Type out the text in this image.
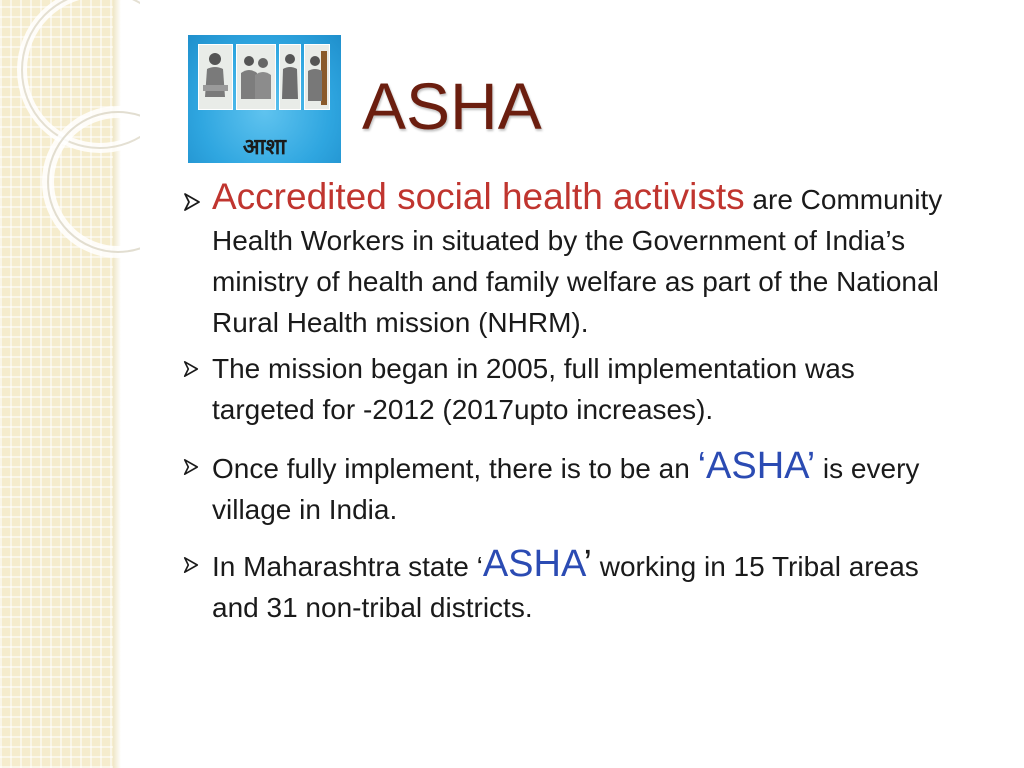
आशा
ASHA
Accredited social health activists are Community Health Workers in situated by the Government of India’s ministry of health and family welfare as part of the National Rural Health mission (NHRM).
The mission began in 2005, full implementation was targeted for -2012 (2017upto increases).
Once fully implement, there is to be an ‘ASHA’ is every village in India.
In Maharashtra state ‘ASHA’ working in 15 Tribal areas and 31 non-tribal districts.
